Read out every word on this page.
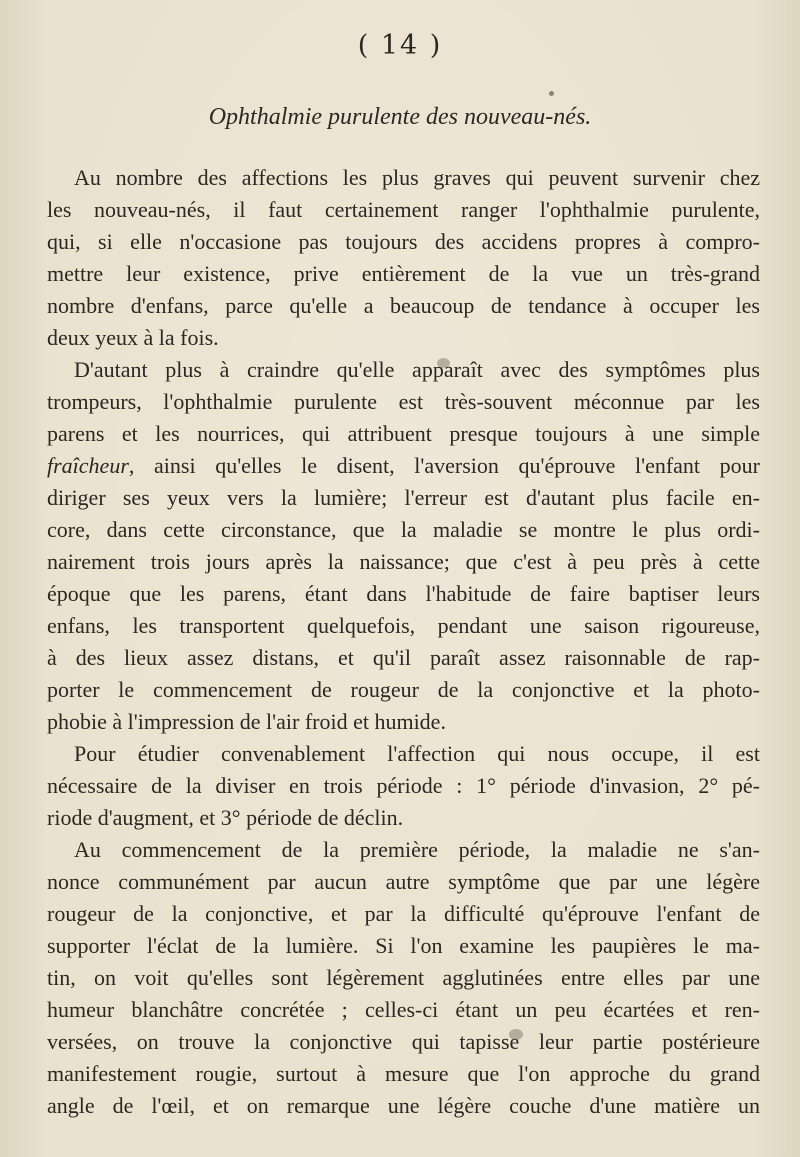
( 14 )
Ophthalmie purulente des nouveau-nés.

Au nombre des affections les plus graves qui peuvent survenir chez
les nouveau-nés, il faut certainement ranger l'ophthalmie purulente,
qui, si elle n'occasione pas toujours des accidens propres à compro-
mettre leur existence, prive entièrement de la vue un très-grand
nombre d'enfans, parce qu'elle a beaucoup de tendance à occuper les
deux yeux à la fois.

D'autant plus à craindre qu'elle apparaît avec des symptômes plus
trompeurs, l'ophthalmie purulente est très-souvent méconnue par les
parens et les nourrices, qui attribuent presque toujours à une simple
fraîcheur, ainsi qu'elles le disent, l'aversion qu'éprouve l'enfant pour
diriger ses yeux vers la lumière; l'erreur est d'autant plus facile en-
core, dans cette circonstance, que la maladie se montre le plus ordi-
nairement trois jours après la naissance; que c'est à peu près à cette
époque que les parens, étant dans l'habitude de faire baptiser leurs
enfans, les transportent quelquefois, pendant une saison rigoureuse,
à des lieux assez distans, et qu'il paraît assez raisonnable de rap-
porter le commencement de rougeur de la conjonctive et la photo-
phobie à l'impression de l'air froid et humide.

Pour étudier convenablement l'affection qui nous occupe, il est
nécessaire de la diviser en trois période : 1° période d'invasion, 2° pé-
riode d'augment, et 3° période de déclin.

Au commencement de la première période, la maladie ne s'an-
nonce communément par aucun autre symptôme que par une légère
rougeur de la conjonctive, et par la difficulté qu'éprouve l'enfant de
supporter l'éclat de la lumière. Si l'on examine les paupières le ma-
tin, on voit qu'elles sont légèrement agglutinées entre elles par une
humeur blanchâtre concrétée ; celles-ci étant un peu écartées et ren-
versées, on trouve la conjonctive qui tapisse leur partie postérieure
manifestement rougie, surtout à mesure que l'on approche du grand
angle de l'œil, et on remarque une légère couche d'une matière un
